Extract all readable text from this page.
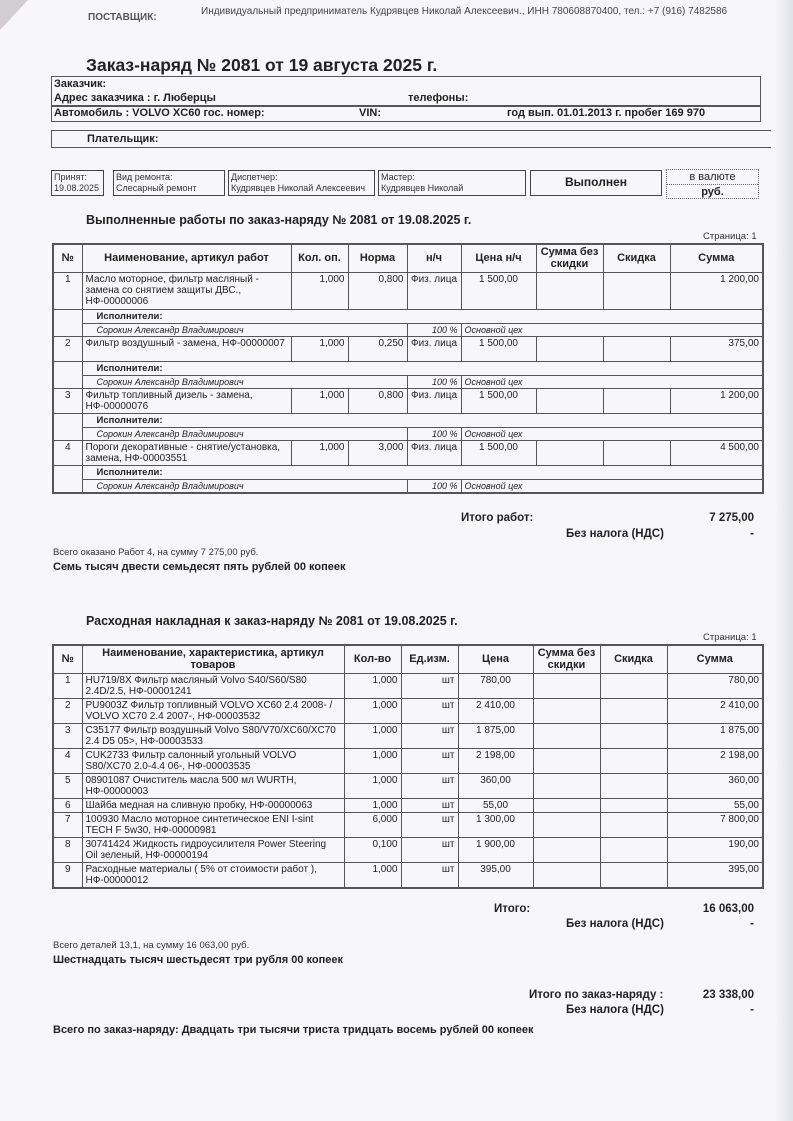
ПОСТАВЩИК:
Индивидуальный предприниматель Кудрявцев Николай Алексеевич., ИНН 780608870400, тел.: +7 (916) 7482586
Заказ-наряд № 2081 от 19 августа 2025 г.
Заказчик:
Адрес заказчика : г. Люберцы	телефоны:
Автомобиль : VOLVO XC60 гос. номер:	VIN:	год вып. 01.01.2013 г. пробег 169 970
Плательщик:
Принят:
19.08.2025
Вид ремонта:
Слесарный ремонт
Диспетчер:
Кудрявцев Николай Алексеевич
Мастер:
Кудрявцев Николай	Выполнен	в валюте
руб.
Выполненные работы по заказ-наряду № 2081 от 19.08.2025 г.
Страница: 1
№	Наименование, артикул работ	Кол. оп.	Норма	н/ч	Цена н/ч	Сумма без скидки	Скидка	Сумма
1	Масло моторное, фильтр масляный - замена со снятием защиты ДВС., НФ-00000006	1,000	0,800	Физ. лица	1 500,00			1 200,00
	Исполнители:							
	Сорокин Александр Владимирович			100 %	Основной цех			
2	Фильтр воздушный - замена, НФ-00000007	1,000	0,250	Физ. лица	1 500,00			375,00
	Исполнители:							
	Сорокин Александр Владимирович			100 %	Основной цех			
3	Фильтр топливный дизель - замена, НФ-00000076	1,000	0,800	Физ. лица	1 500,00			1 200,00
	Исполнители:							
	Сорокин Александр Владимирович			100 %	Основной цех			
4	Пороги декоративные - снятие/установка, замена, НФ-00003551	1,000	3,000	Физ. лица	1 500,00			4 500,00
	Исполнители:							
	Сорокин Александр Владимирович			100 %	Основной цех			
Итого работ:	7 275,00
Без налога (НДС)	-
Всего оказано Работ 4, на сумму 7 275,00 руб.
Семь тысяч двести семьдесят пять рублей 00 копеек
Расходная накладная к заказ-наряду № 2081 от 19.08.2025 г.
Страница: 1
№	Наименование, характеристика, артикул товаров	Кол-во	Ед.изм.	Цена	Сумма без скидки	Скидка	Сумма
1	HU719/8X Фильтр масляный Volvo S40/S60/S80 2.4D/2.5, НФ-00001241	1,000	шт	780,00			780,00
2	PU9003Z Фильтр топливный VOLVO XC60 2.4 2008- / VOLVO XC70 2.4 2007-, НФ-00003532	1,000	шт	2 410,00			2 410,00
3	C35177 Фильтр воздушный Volvo S80/V70/XC60/XC70 2.4 D5 05>, НФ-00003533	1,000	шт	1 875,00			1 875,00
4	CUK2733 Фильтр салонный угольный VOLVO S80/XC70 2.0-4.4 06-, НФ-00003535	1,000	шт	2 198,00			2 198,00
5	08901087 Очиститель масла 500 мл WURTH, НФ-00000003	1,000	шт	360,00			360,00
6	Шайба медная на сливную пробку, НФ-00000063	1,000	шт	55,00			55,00
7	100930 Масло моторное синтетическое ENI I-sint TECH F 5w30, НФ-00000981	6,000	шт	1 300,00			7 800,00
8	30741424 Жидкость гидроусилителя Power Steering Oil зеленый, НФ-00000194	0,100	шт	1 900,00			190,00
9	Расходные материалы ( 5% от стоимости работ ), НФ-00000012	1,000	шт	395,00			395,00
Итого:	16 063,00
Без налога (НДС)	-
Всего деталей 13,1, на сумму 16 063,00 руб.
Шестнадцать тысяч шестьдесят три рубля 00 копеек
Итого по заказ-наряду :	23 338,00
Без налога (НДС)	-
Всего по заказ-наряду: Двадцать три тысячи триста тридцать восемь рублей 00 копеек
